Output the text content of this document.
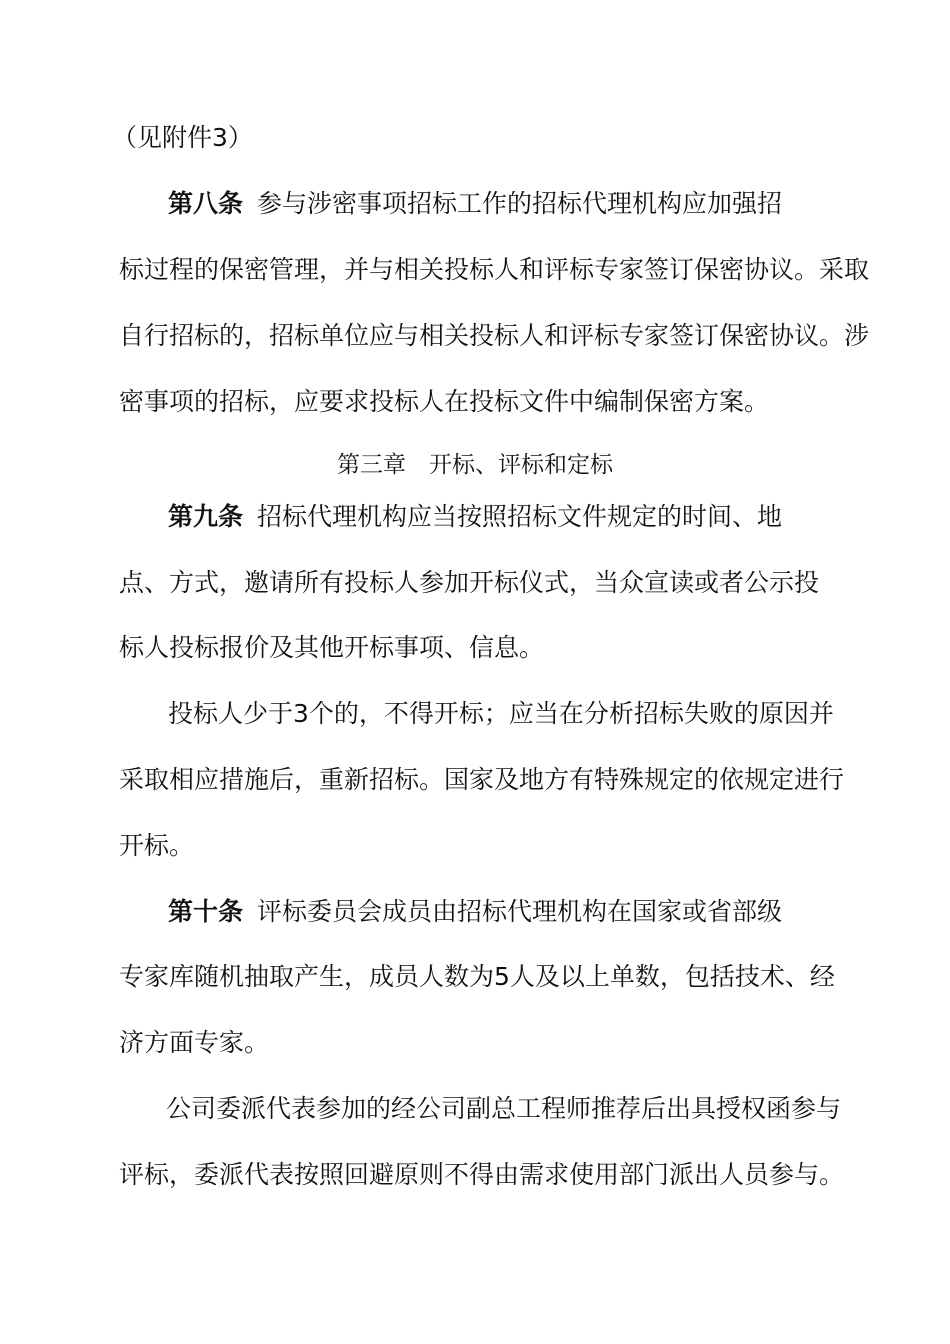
（见附件3）
第八条 参与涉密事项招标工作的招标代理机构应加强招
标过程的保密管理，并与相关投标人和评标专家签订保密协议。采取
自行招标的，招标单位应与相关投标人和评标专家签订保密协议。涉
密事项的招标，应要求投标人在投标文件中编制保密方案。
第三章　开标、评标和定标
第九条 招标代理机构应当按照招标文件规定的时间、地
点、方式，邀请所有投标人参加开标仪式，当众宣读或者公示投
标人投标报价及其他开标事项、信息。
投标人少于3个的，不得开标；应当在分析招标失败的原因并
采取相应措施后，重新招标。国家及地方有特殊规定的依规定进行
开标。
第十条 评标委员会成员由招标代理机构在国家或省部级
专家库随机抽取产生，成员人数为5人及以上单数，包括技术、经
济方面专家。
公司委派代表参加的经公司副总工程师推荐后出具授权函参与
评标，委派代表按照回避原则不得由需求使用部门派出人员参与。
